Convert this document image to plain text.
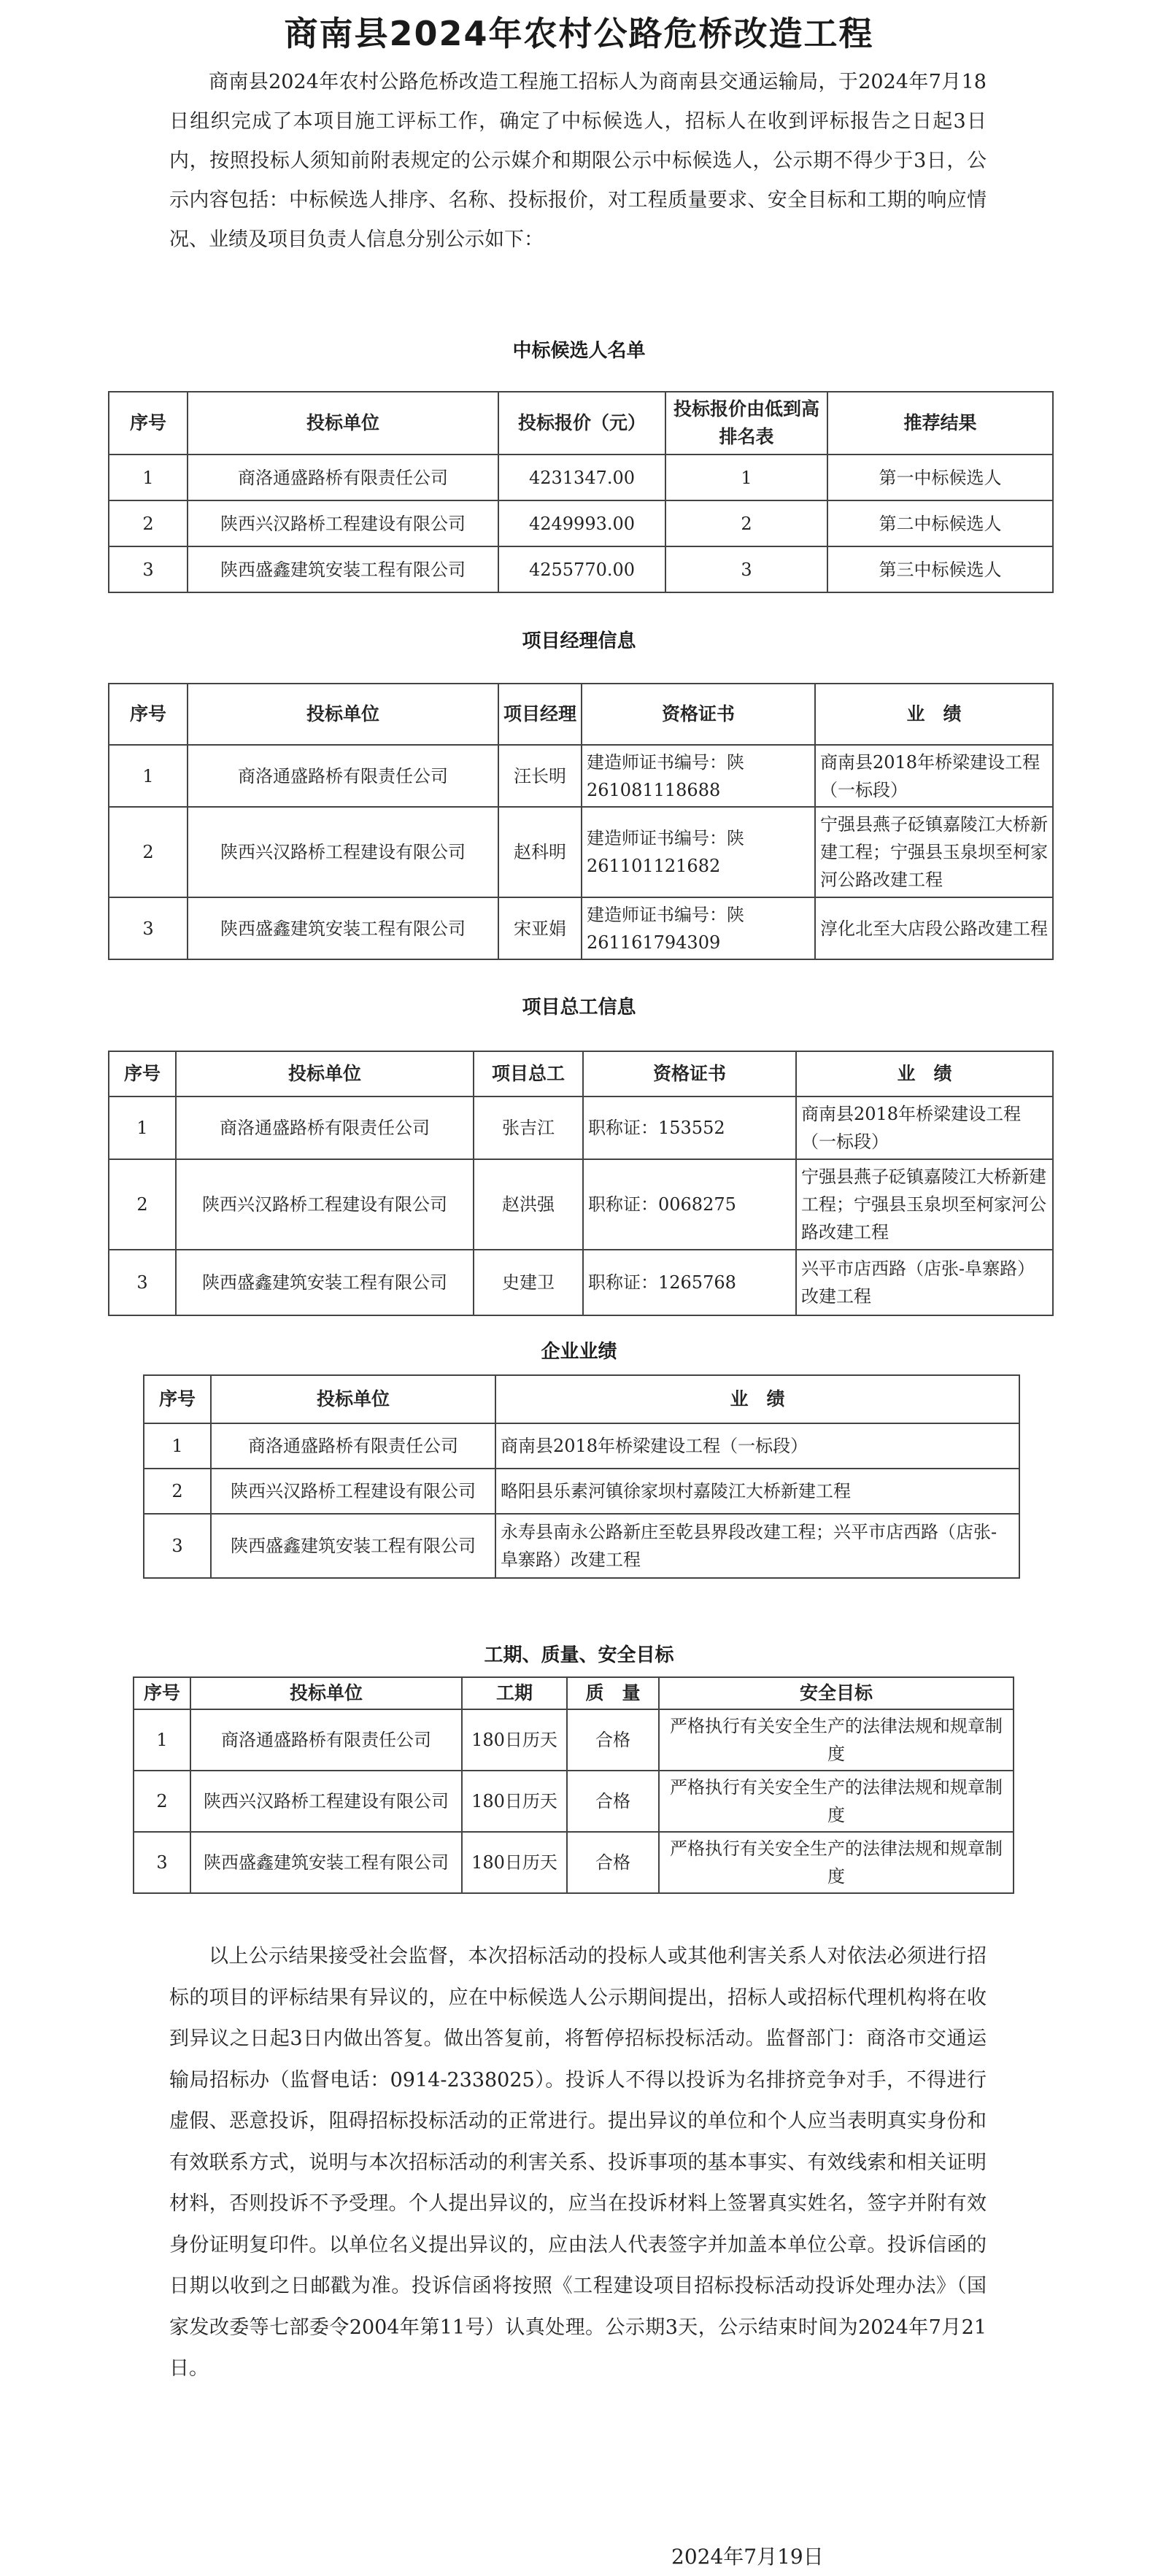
商南县2024年农村公路危桥改造工程

商南县2024年农村公路危桥改造工程施工招标人为商南县交通运输局，于2024年7月18日组织完成了本项目施工评标工作，确定了中标候选人，招标人在收到评标报告之日起3日内，按照投标人须知前附表规定的公示媒介和期限公示中标候选人，公示期不得少于3日，公示内容包括：中标候选人排序、名称、投标报价，对工程质量要求、安全目标和工期的响应情况、业绩及项目负责人信息分别公示如下：

中标候选人名单
序号	投标单位	投标报价（元）	投标报价由低到高排名表	推荐结果
1	商洛通盛路桥有限责任公司	4231347.00	1	第一中标候选人
2	陕西兴汉路桥工程建设有限公司	4249993.00	2	第二中标候选人
3	陕西盛鑫建筑安装工程有限公司	4255770.00	3	第三中标候选人
项目经理信息
序号	投标单位	项目经理	资格证书	业　绩
1	商洛通盛路桥有限责任公司	汪长明	建造师证书编号：陕261081118688	商南县2018年桥梁建设工程（一标段）
2	陕西兴汉路桥工程建设有限公司	赵科明	建造师证书编号：陕261101121682	宁强县燕子砭镇嘉陵江大桥新建工程；宁强县玉泉坝至柯家河公路改建工程
3	陕西盛鑫建筑安装工程有限公司	宋亚娟	建造师证书编号：陕261161794309	淳化北至大店段公路改建工程
项目总工信息
序号	投标单位	项目总工	资格证书	业　绩
1	商洛通盛路桥有限责任公司	张吉江	职称证：153552	商南县2018年桥梁建设工程（一标段）
2	陕西兴汉路桥工程建设有限公司	赵洪强	职称证：0068275	宁强县燕子砭镇嘉陵江大桥新建工程；宁强县玉泉坝至柯家河公路改建工程
3	陕西盛鑫建筑安装工程有限公司	史建卫	职称证：1265768	兴平市店西路（店张-阜寨路）改建工程
企业业绩
序号	投标单位	业　绩
1	商洛通盛路桥有限责任公司	商南县2018年桥梁建设工程（一标段）
2	陕西兴汉路桥工程建设有限公司	略阳县乐素河镇徐家坝村嘉陵江大桥新建工程
3	陕西盛鑫建筑安装工程有限公司	永寿县南永公路新庄至乾县界段改建工程；兴平市店西路（店张-阜寨路）改建工程
工期、质量、安全目标
序号	投标单位	工期	质　量	安全目标
1	商洛通盛路桥有限责任公司	180日历天	合格	严格执行有关安全生产的法律法规和规章制度
2	陕西兴汉路桥工程建设有限公司	180日历天	合格	严格执行有关安全生产的法律法规和规章制度
3	陕西盛鑫建筑安装工程有限公司	180日历天	合格	严格执行有关安全生产的法律法规和规章制度

以上公示结果接受社会监督，本次招标活动的投标人或其他利害关系人对依法必须进行招标的项目的评标结果有异议的，应在中标候选人公示期间提出，招标人或招标代理机构将在收到异议之日起3日内做出答复。做出答复前，将暂停招标投标活动。监督部门：商洛市交通运输局招标办（监督电话：0914-2338025）。投诉人不得以投诉为名排挤竞争对手，不得进行虚假、恶意投诉，阻碍招标投标活动的正常进行。提出异议的单位和个人应当表明真实身份和有效联系方式，说明与本次招标活动的利害关系、投诉事项的基本事实、有效线索和相关证明材料，否则投诉不予受理。个人提出异议的，应当在投诉材料上签署真实姓名，签字并附有效身份证明复印件。以单位名义提出异议的，应由法人代表签字并加盖本单位公章。投诉信函的日期以收到之日邮戳为准。投诉信函将按照《工程建设项目招标投标活动投诉处理办法》（国家发改委等七部委令2004年第11号）认真处理。公示期3天，公示结束时间为2024年7月21日。

2024年7月19日
